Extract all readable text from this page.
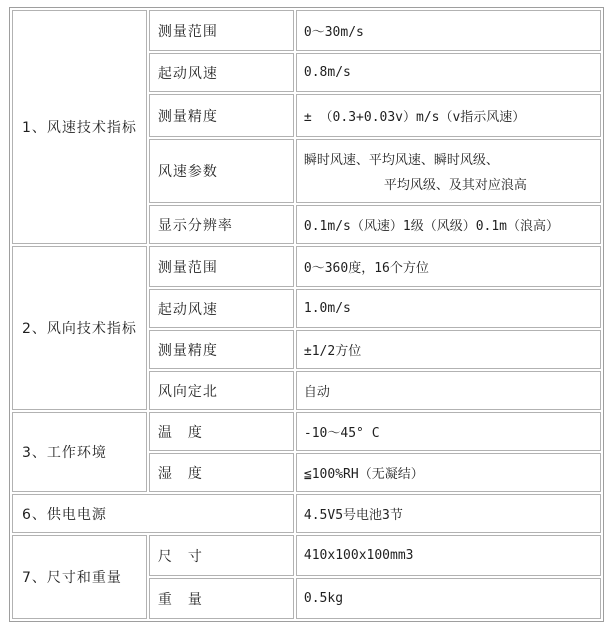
1、风速技术指标	测量范围	0～30m/s
	起动风速	0.8m/s
	测量精度	± （0.3+0.03v）m/s（v指示风速）
	风速参数	瞬时风速、平均风速、瞬时风级、
平均风级、及其对应浪高

	显示分辨率	0.1m/s（风速）1级（风级）0.1m（浪高）
2、风向技术指标	测量范围	0～360度，16个方位
	起动风速	1.0m/s
	测量精度	±1/2方位
	风向定北	自动
3、工作环境	温　度	-10～45° C
	湿　度	≦100%RH（无凝结）
6、供电电源		4.5V5号电池3节
7、尺寸和重量	尺　寸	410x100x100mm3
	重　量	0.5kg
